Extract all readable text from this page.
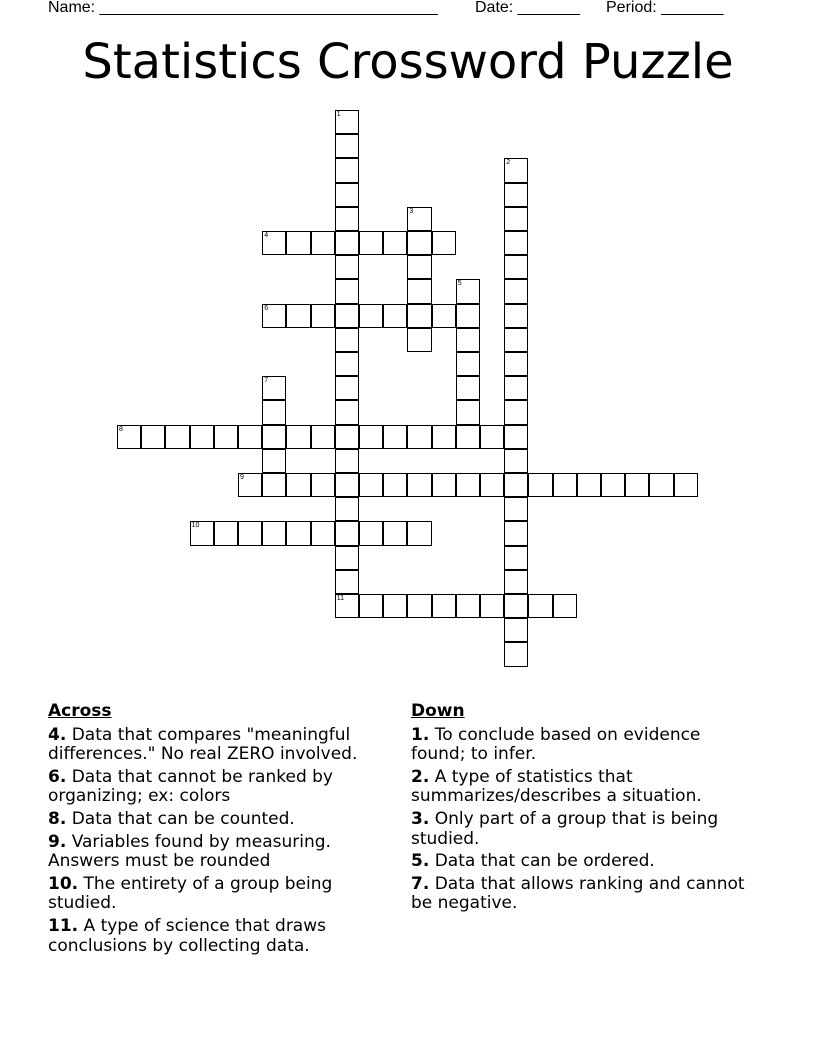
Name: ______________________________________ Date: _______ Period: _______
Statistics Crossword Puzzle
1
11
2
3
4
5
6
7
8
9
10
Across
4. Data that compares "meaningful differences." No real ZERO involved.
6. Data that cannot be ranked by organizing; ex: colors
8. Data that can be counted.
9. Variables found by measuring. Answers must be rounded
10. The entirety of a group being studied.
11. A type of science that draws conclusions by collecting data.
Down
1. To conclude based on evidence found; to infer.
2. A type of statistics that summarizes/describes a situation.
3. Only part of a group that is being studied.
5. Data that can be ordered.
7. Data that allows ranking and cannot be negative.
